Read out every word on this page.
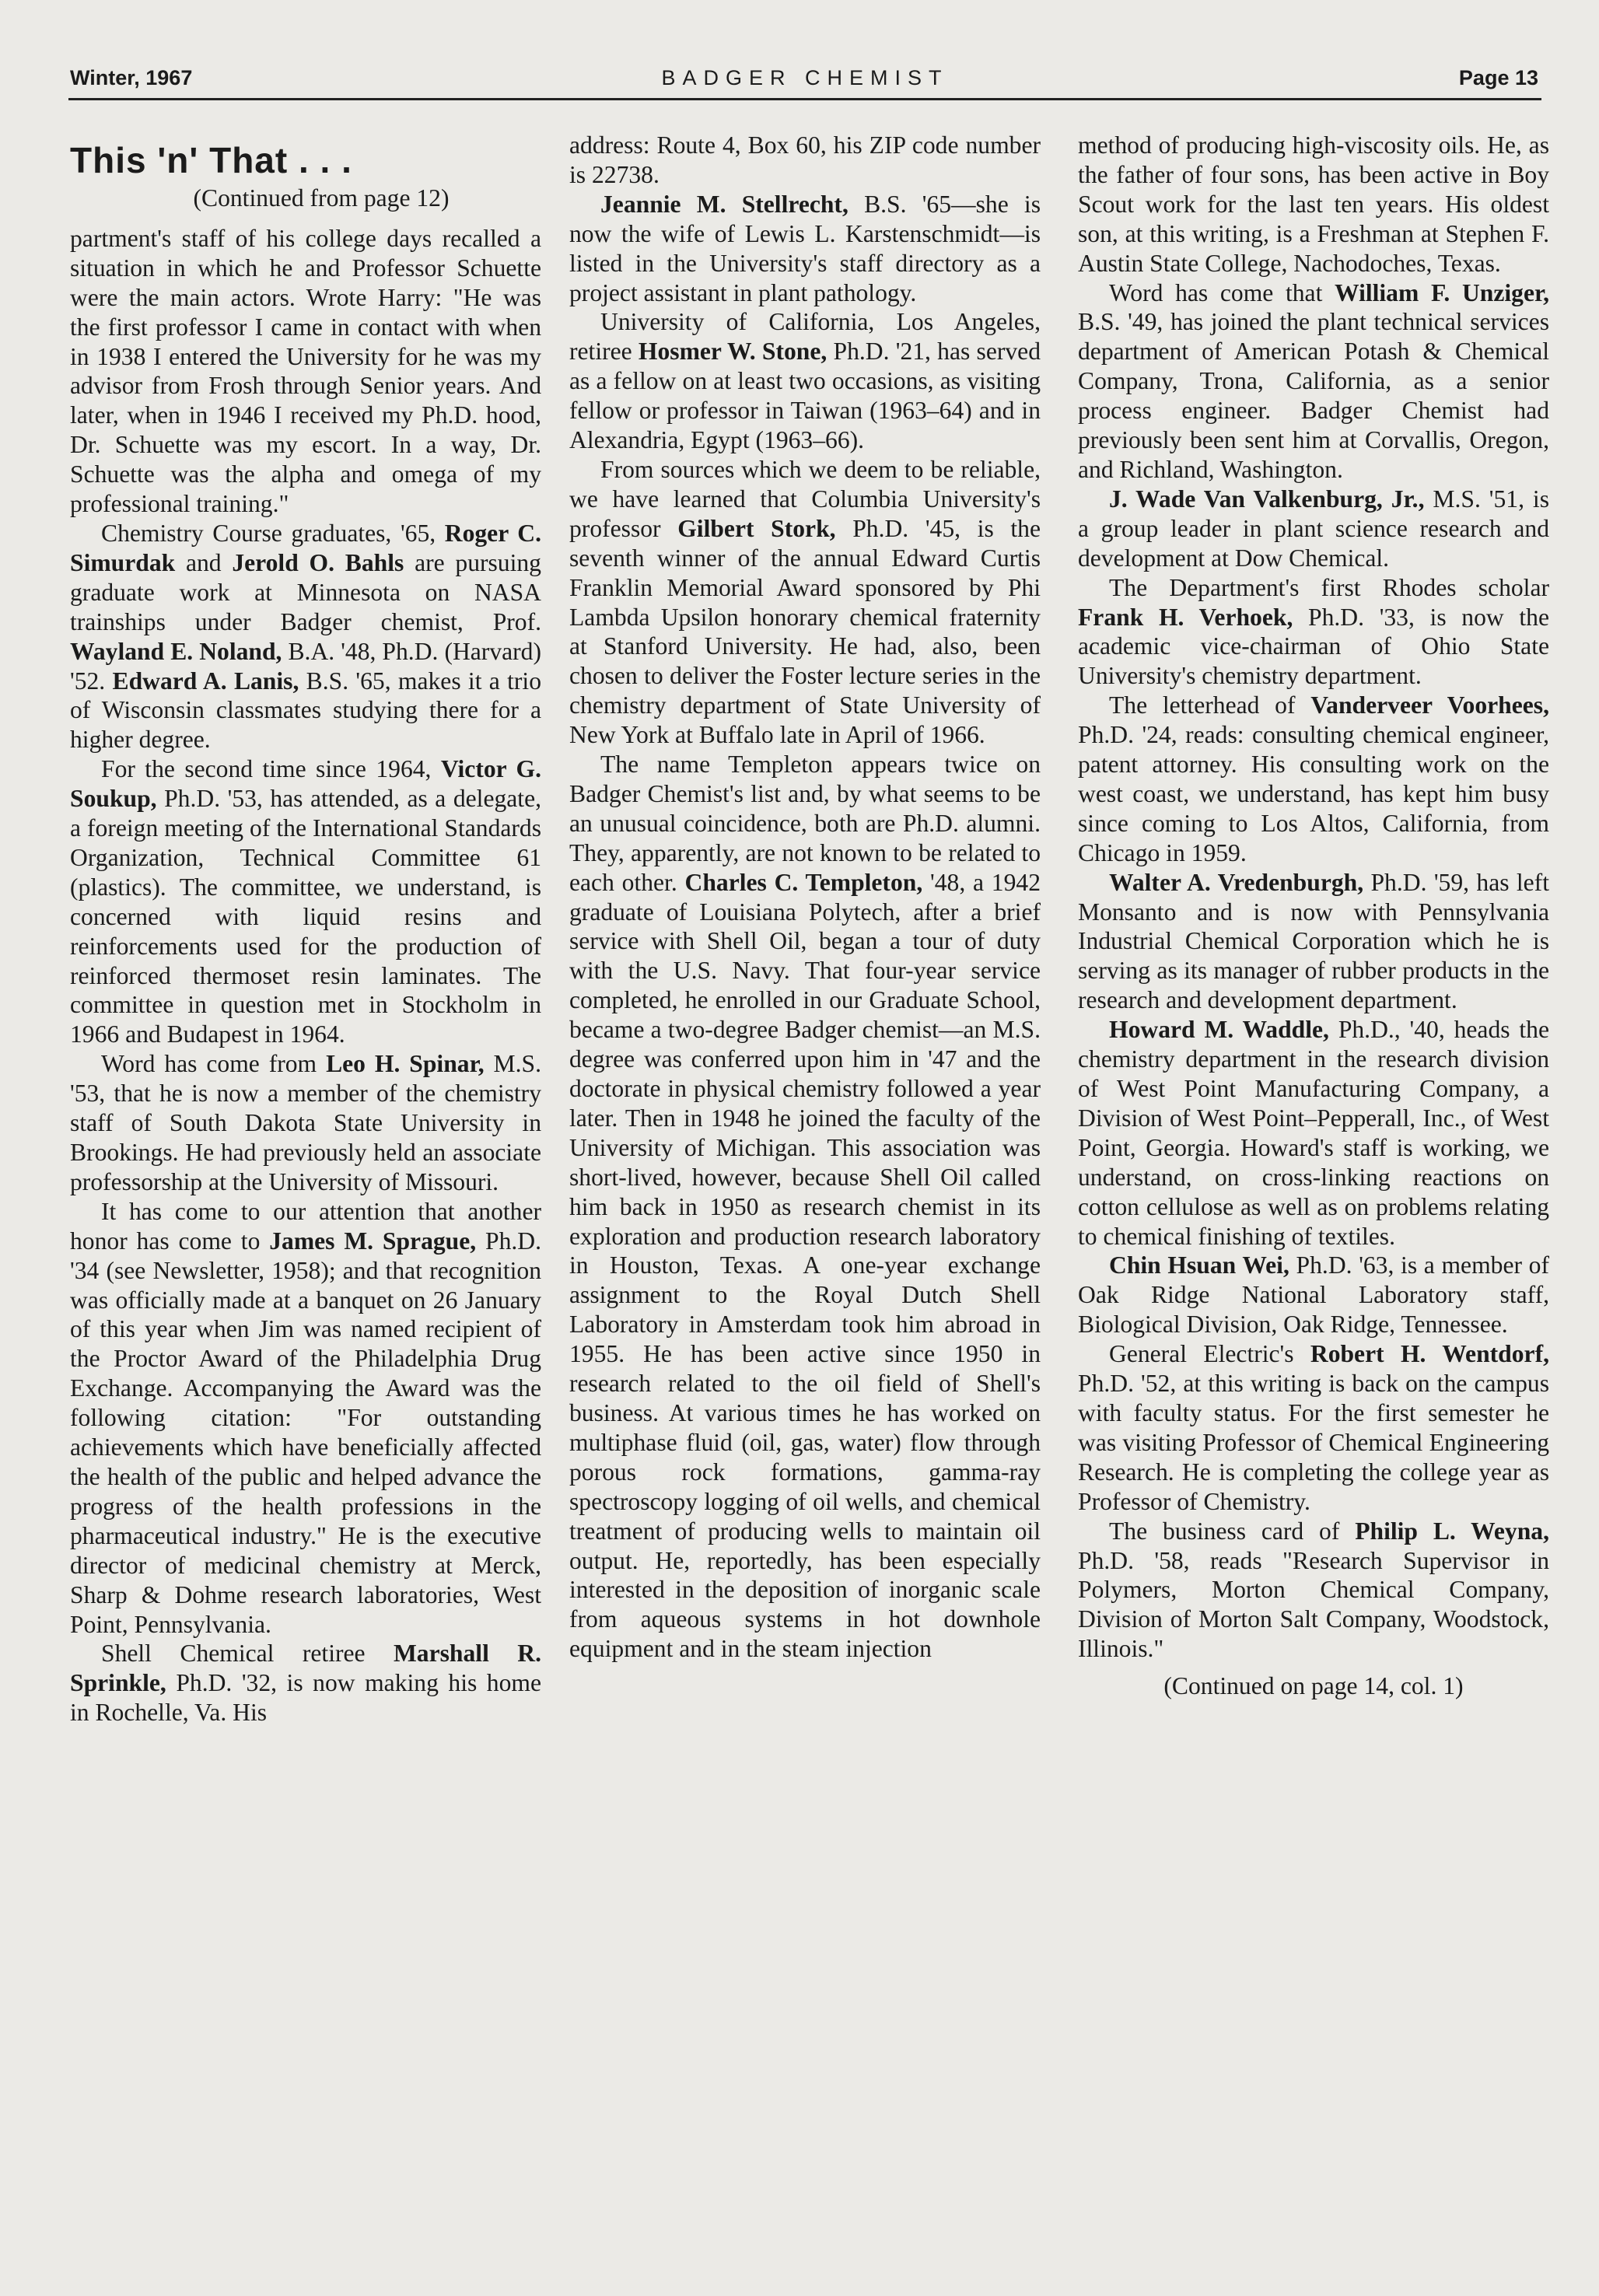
Winter, 1967	BADGER CHEMIST	Page 13
This 'n' That . . .

(Continued from page 12)

partment's staff of his college days recalled a situation in which he and Professor Schuette were the main actors. Wrote Harry: "He was the first professor I came in contact with when in 1938 I entered the University for he was my advisor from Frosh through Senior years. And later, when in 1946 I received my Ph.D. hood, Dr. Schuette was my escort. In a way, Dr. Schuette was the alpha and omega of my professional training."

Chemistry Course graduates, '65, Roger C. Simurdak and Jerold O. Bahls are pursuing graduate work at Minnesota on NASA trainships under Badger chemist, Prof. Wayland E. Noland, B.A. '48, Ph.D. (Harvard) '52. Edward A. Lanis, B.S. '65, makes it a trio of Wisconsin classmates studying there for a higher degree.

For the second time since 1964, Victor G. Soukup, Ph.D. '53, has attended, as a delegate, a foreign meeting of the International Standards Organization, Technical Committee 61 (plastics). The committee, we understand, is concerned with liquid resins and reinforcements used for the production of reinforced thermoset resin laminates. The committee in question met in Stockholm in 1966 and Budapest in 1964.

Word has come from Leo H. Spinar, M.S. '53, that he is now a member of the chemistry staff of South Dakota State University in Brookings. He had previously held an associate professorship at the University of Missouri.

It has come to our attention that another honor has come to James M. Sprague, Ph.D. '34 (see Newsletter, 1958); and that recognition was officially made at a banquet on 26 January of this year when Jim was named recipient of the Proctor Award of the Philadelphia Drug Exchange. Accompanying the Award was the following citation: "For outstanding achievements which have beneficially affected the health of the public and helped advance the progress of the health professions in the pharmaceutical industry." He is the executive director of medicinal chemistry at Merck, Sharp & Dohme research laboratories, West Point, Pennsylvania.

Shell Chemical retiree Marshall R. Sprinkle, Ph.D. '32, is now making his home in Rochelle, Va. His

address: Route 4, Box 60, his ZIP code number is 22738.

Jeannie M. Stellrecht, B.S. '65—she is now the wife of Lewis L. Karstenschmidt—is listed in the University's staff directory as a project assistant in plant pathology.

University of California, Los Angeles, retiree Hosmer W. Stone, Ph.D. '21, has served as a fellow on at least two occasions, as visiting fellow or professor in Taiwan (1963–64) and in Alexandria, Egypt (1963–66).

From sources which we deem to be reliable, we have learned that Columbia University's professor Gilbert Stork, Ph.D. '45, is the seventh winner of the annual Edward Curtis Franklin Memorial Award sponsored by Phi Lambda Upsilon honorary chemical fraternity at Stanford University. He had, also, been chosen to deliver the Foster lecture series in the chemistry department of State University of New York at Buffalo late in April of 1966.

The name Templeton appears twice on Badger Chemist's list and, by what seems to be an unusual coincidence, both are Ph.D. alumni. They, apparently, are not known to be related to each other. Charles C. Templeton, '48, a 1942 graduate of Louisiana Polytech, after a brief service with Shell Oil, began a tour of duty with the U.S. Navy. That four-year service completed, he enrolled in our Graduate School, became a two-degree Badger chemist—an M.S. degree was conferred upon him in '47 and the doctorate in physical chemistry followed a year later. Then in 1948 he joined the faculty of the University of Michigan. This association was short-lived, however, because Shell Oil called him back in 1950 as research chemist in its exploration and production research laboratory in Houston, Texas. A one-year exchange assignment to the Royal Dutch Shell Laboratory in Amsterdam took him abroad in 1955. He has been active since 1950 in research related to the oil field of Shell's business. At various times he has worked on multiphase fluid (oil, gas, water) flow through porous rock formations, gamma-ray spectroscopy logging of oil wells, and chemical treatment of producing wells to maintain oil output. He, reportedly, has been especially interested in the deposition of inorganic scale from aqueous systems in hot downhole equipment and in the steam injection

method of producing high-viscosity oils. He, as the father of four sons, has been active in Boy Scout work for the last ten years. His oldest son, at this writing, is a Freshman at Stephen F. Austin State College, Nachodoches, Texas.

Word has come that William F. Unziger, B.S. '49, has joined the plant technical services department of American Potash & Chemical Company, Trona, California, as a senior process engineer. Badger Chemist had previously been sent him at Corvallis, Oregon, and Richland, Washington.

J. Wade Van Valkenburg, Jr., M.S. '51, is a group leader in plant science research and development at Dow Chemical.

The Department's first Rhodes scholar Frank H. Verhoek, Ph.D. '33, is now the academic vice-chairman of Ohio State University's chemistry department.

The letterhead of Vanderveer Voorhees, Ph.D. '24, reads: consulting chemical engineer, patent attorney. His consulting work on the west coast, we understand, has kept him busy since coming to Los Altos, California, from Chicago in 1959.

Walter A. Vredenburgh, Ph.D. '59, has left Monsanto and is now with Pennsylvania Industrial Chemical Corporation which he is serving as its manager of rubber products in the research and development department.

Howard M. Waddle, Ph.D., '40, heads the chemistry department in the research division of West Point Manufacturing Company, a Division of West Point–Pepperall, Inc., of West Point, Georgia. Howard's staff is working, we understand, on cross-linking reactions on cotton cellulose as well as on problems relating to chemical finishing of textiles.

Chin Hsuan Wei, Ph.D. '63, is a member of Oak Ridge National Laboratory staff, Biological Division, Oak Ridge, Tennessee.

General Electric's Robert H. Wentdorf, Ph.D. '52, at this writing is back on the campus with faculty status. For the first semester he was visiting Professor of Chemical Engineering Research. He is completing the college year as Professor of Chemistry.

The business card of Philip L. Weyna, Ph.D. '58, reads "Research Supervisor in Polymers, Morton Chemical Company, Division of Morton Salt Company, Woodstock, Illinois."

(Continued on page 14, col. 1)
